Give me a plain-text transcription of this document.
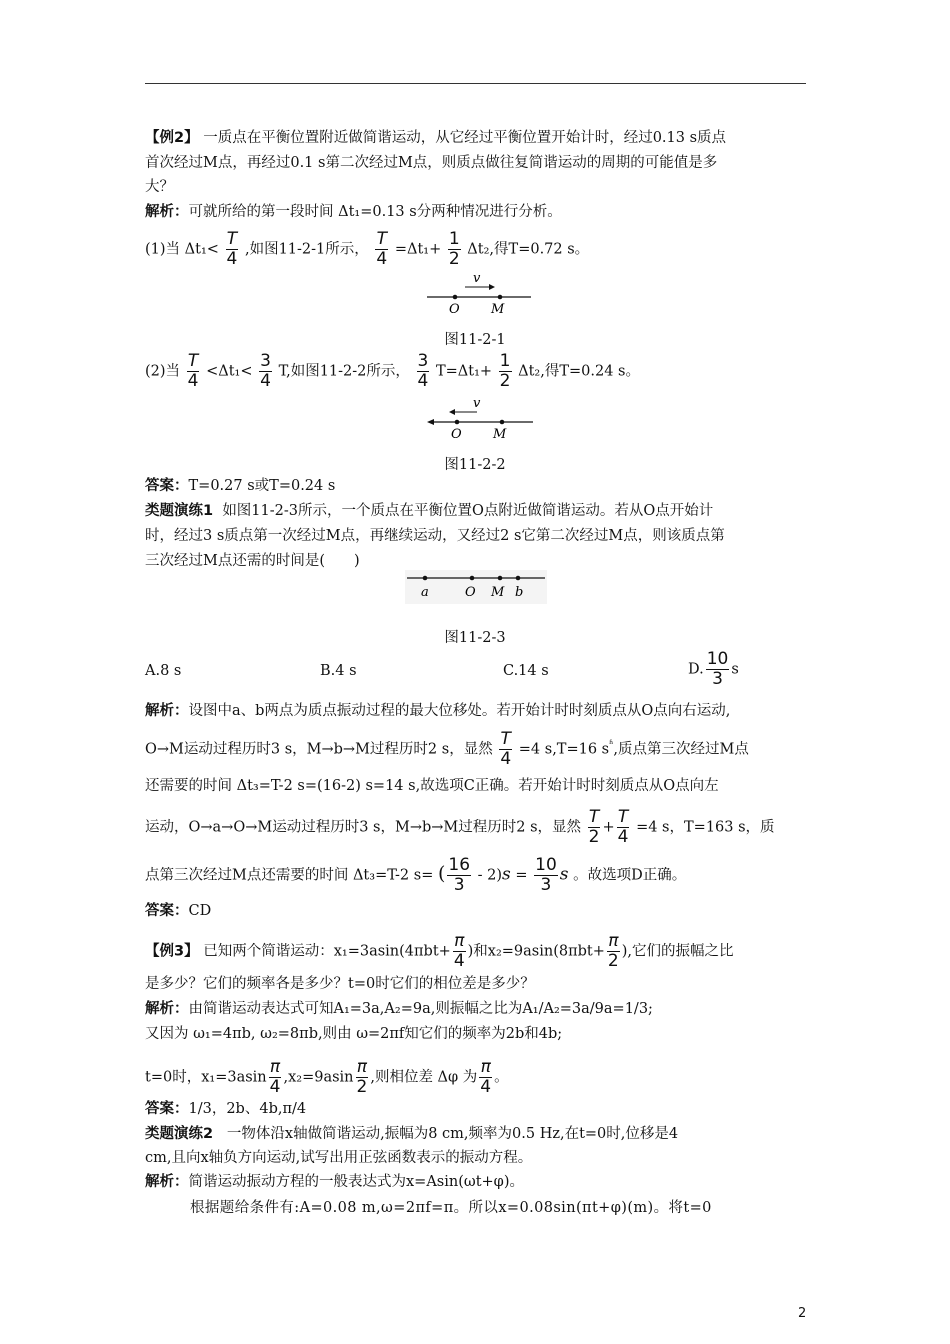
【例2】 一质点在平衡位置附近做简谐运动，从它经过平衡位置开始计时，经过0.13 s质点
首次经过M点，再经过0.1 s第二次经过M点，则质点做往复简谐运动的周期的可能值是多
大？
解析：可就所给的第一段时间 Δt₁=0.13 s分两种情况进行分析。
(1)当 $\Delta t_1< \frac{T}{4}$ ,如图11-2-1所示， $\frac{T}{4} =\Delta t_1+ \frac{1}{2} \Delta t_2$,得T=0.72 s。
v
O M
图11-2-1
(2)当 $\frac{T}{4} <\Delta t_1< \frac{3}{4} T$,如图11-2-2所示， $\frac{3}{4} T=\Delta t_1+ \frac{1}{2} \Delta t_2$,得T=0.24 s。
v
O M
图11-2-2
答案：T=0.27 s或T=0.24 s
类题演练1 如图11-2-3所示，一个质点在平衡位置O点附近做简谐运动。若从O点开始计
时，经过3 s质点第一次经过M点，再继续运动，又经过2 s它第二次经过M点，则该质点第
三次经过M点还需的时间是(　　)
a	O M b
图11-2-3
A.8 s	B.4 s	C.14 s	D. $\frac{10}{3}$ s
解析：设图中a、b两点为质点振动过程的最大位移处。若开始计时时刻质点从O点向右运动,
O→M运动过程历时3 s，M→b→M过程历时2 s，显然 $\frac{T}{4} =4$ s,T=16 $s^ʱ$,质点第三次经过M点
还需要的时间 Δt₃=T-2 s=(16-2) s=14 s,故选项C正确。若开始计时时刻质点从O点向左
运动，O→a→O→M运动过程历时3 s，M→b→M过程历时2 s，显然 $\frac{T}{2} + \frac{T}{4} =4$ s，T=163 s，质
点第三次经过M点还需要的时间 Δt₃=T-2 s= ( $\frac{16}{3} - 2)s = \frac{10}{3}$ s 。故选项D正确。
答案：CD
【例3】 已知两个简谐运动：$x_1=3asin(4\pi bt+ \frac{\pi}{4}$ )和$x_2=9asin(8\pi bt+ \frac{\pi}{2}$ ),它们的振幅之比
是多少？它们的频率各是多少？t=0时它们的相位差是多少？
解析：由简谐运动表达式可知A₁=3a,A₂=9a,则振幅之比为A₁/A₂=3a/9a=1/3;
又因为 ω₁=4πb, ω₂=8πb,则由 ω=2πf知它们的频率为2b和4b;
t=0时，$x_1=3asin \frac{\pi}{4} ,x_2=9asin \frac{\pi}{2}$ ,则相位差 Δφ 为 $\frac{\pi}{4}$ 。
答案：1/3，2b、4b,π/4
类题演练2 一物体沿x轴做简谐运动,振幅为8 cm,频率为0.5 Hz,在t=0时,位移是4
cm,且向x轴负方向运动,试写出用正弦函数表示的振动方程。
解析：简谐运动振动方程的一般表达式为x=Asin(ωt+φ)。
根据题给条件有:A=0.08 m,ω=2πf=π。所以x=0.08sin(πt+φ)(m)。将t=0
2
